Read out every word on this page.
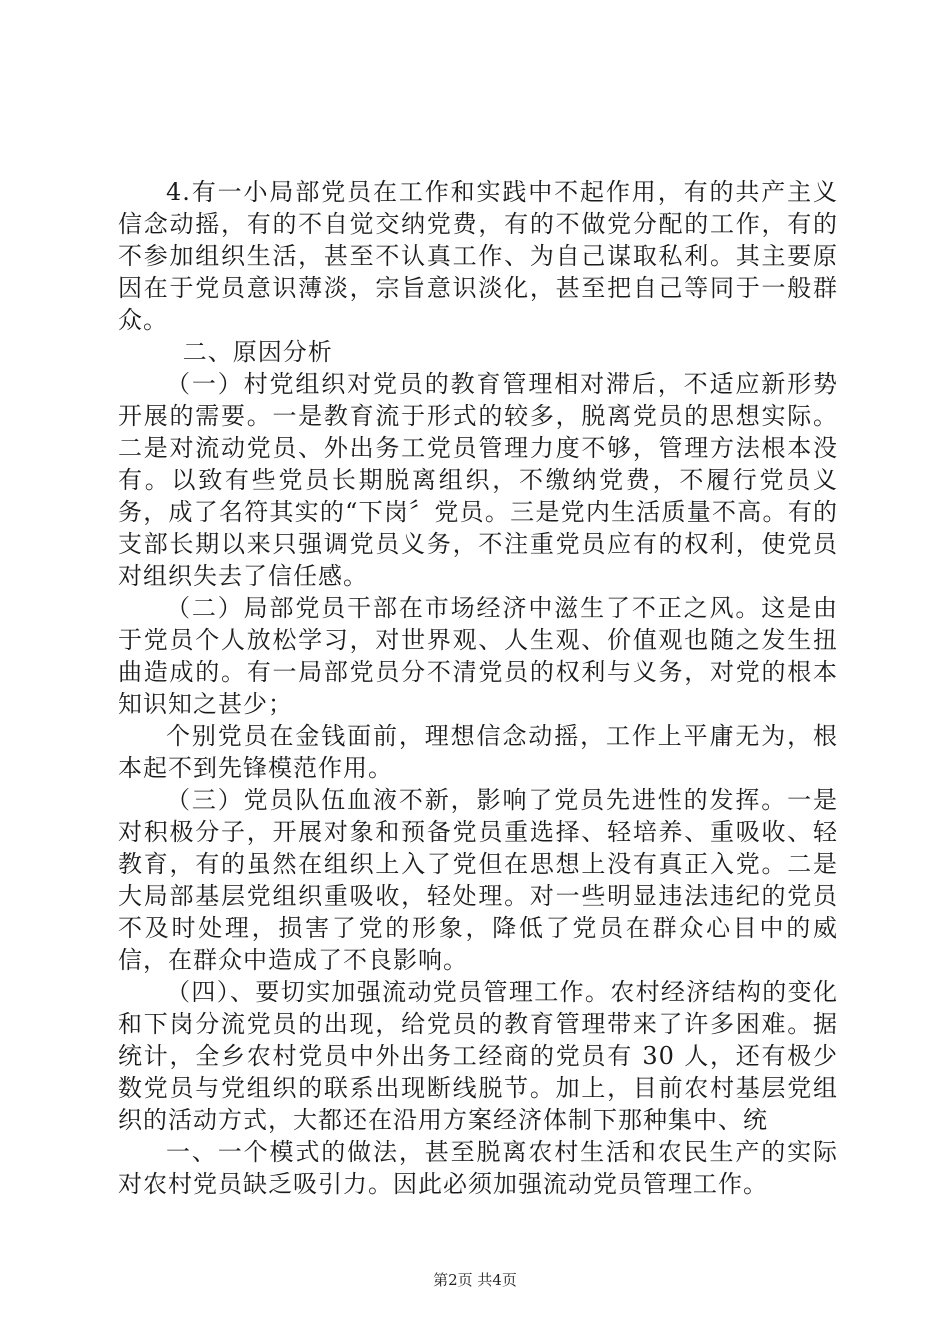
4.有一小局部党员在工作和实践中不起作用，有的共产主义信念动摇，有的不自觉交纳党费，有的不做党分配的工作，有的不参加组织生活，甚至不认真工作、为自己谋取私利。其主要原因在于党员意识薄淡，宗旨意识淡化，甚至把自己等同于一般群众。

二、原因分析

（一）村党组织对党员的教育管理相对滞后，不适应新形势开展的需要。一是教育流于形式的较多，脱离党员的思想实际。二是对流动党员、外出务工党员管理力度不够，管理方法根本没有。以致有些党员长期脱离组织，不缴纳党费，不履行党员义务，成了名符其实的“下岗〞党员。三是党内生活质量不高。有的支部长期以来只强调党员义务，不注重党员应有的权利，使党员对组织失去了信任感。

（二）局部党员干部在市场经济中滋生了不正之风。这是由于党员个人放松学习，对世界观、人生观、价值观也随之发生扭曲造成的。有一局部党员分不清党员的权利与义务，对党的根本知识知之甚少；

个别党员在金钱面前，理想信念动摇，工作上平庸无为，根本起不到先锋模范作用。

（三）党员队伍血液不新，影响了党员先进性的发挥。一是对积极分子，开展对象和预备党员重选择、轻培养、重吸收、轻教育，有的虽然在组织上入了党但在思想上没有真正入党。二是大局部基层党组织重吸收，轻处理。对一些明显违法违纪的党员不及时处理，损害了党的形象，降低了党员在群众心目中的威信，在群众中造成了不良影响。

（四）、要切实加强流动党员管理工作。农村经济结构的变化和下岗分流党员的出现，给党员的教育管理带来了许多困难。据统计，全乡农村党员中外出务工经商的党员有 30 人，还有极少数党员与党组织的联系出现断线脱节。加上，目前农村基层党组织的活动方式，大都还在沿用方案经济体制下那种集中、统

一、一个模式的做法，甚至脱离农村生活和农民生产的实际对农村党员缺乏吸引力。因此必须加强流动党员管理工作。

第2页 共4页
